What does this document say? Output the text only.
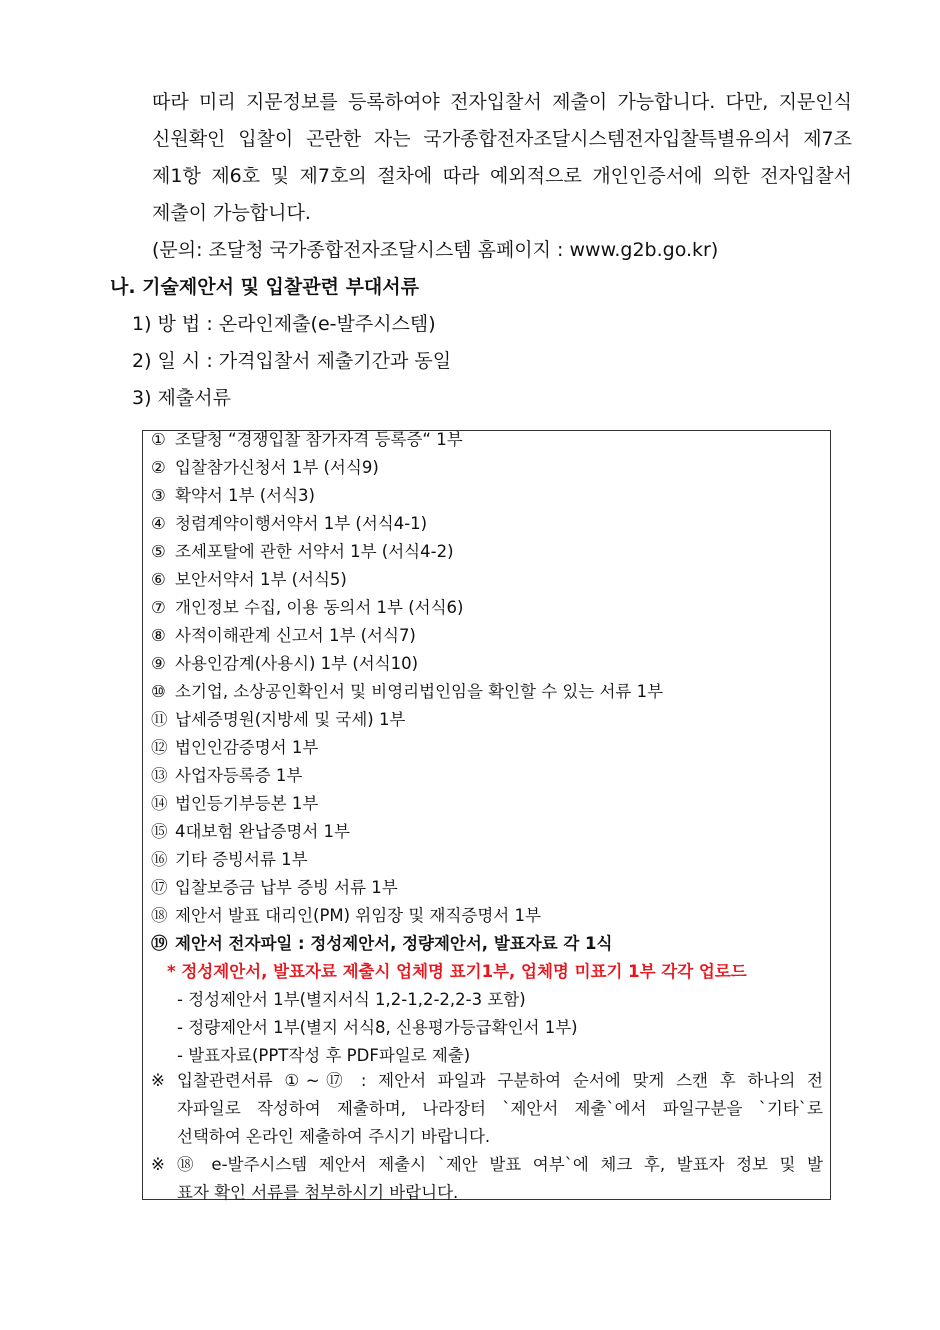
따라 미리 지문정보를 등록하여야 전자입찰서 제출이 가능합니다. 다만, 지문인식
신원확인 입찰이 곤란한 자는 국가종합전자조달시스템전자입찰특별유의서 제7조
제1항 제6호 및 제7호의 절차에 따라 예외적으로 개인인증서에 의한 전자입찰서
제출이 가능합니다.
(문의: 조달청 국가종합전자조달시스템 홈페이지 : www.g2b.go.kr)
나. 기술제안서 및 입찰관련 부대서류
1) 방 법 : 온라인제출(e-발주시스템)
2) 일 시 : 가격입찰서 제출기간과 동일
3) 제출서류
① 조달청 “경쟁입찰 참가자격 등록증“ 1부
② 입찰참가신청서 1부 (서식9)
③ 확약서 1부 (서식3)
④ 청렴계약이행서약서 1부 (서식4-1)
⑤ 조세포탈에 관한 서약서 1부 (서식4-2)
⑥ 보안서약서 1부 (서식5)
⑦ 개인정보 수집, 이용 동의서 1부 (서식6)
⑧ 사적이해관계 신고서 1부 (서식7)
⑨ 사용인감계(사용시) 1부 (서식10)
⑩ 소기업, 소상공인확인서 및 비영리법인임을 확인할 수 있는 서류 1부
⑪ 납세증명원(지방세 및 국세) 1부
⑫ 법인인감증명서 1부
⑬ 사업자등록증 1부
⑭ 법인등기부등본 1부
⑮ 4대보험 완납증명서 1부
⑯ 기타 증빙서류 1부
⑰ 입찰보증금 납부 증빙 서류 1부
⑱ 제안서 발표 대리인(PM) 위임장 및 재직증명서 1부
⑲ 제안서 전자파일 : 정성제안서, 정량제안서, 발표자료 각 1식
* 정성제안서, 발표자료 제출시 업체명 표기1부, 업체명 미표기 1부 각각 업로드
- 정성제안서 1부(별지서식 1,2-1,2-2,2-3 포함)
- 정량제안서 1부(별지 서식8, 신용평가등급확인서 1부)
- 발표자료(PPT작성 후 PDF파일로 제출)
※ 입찰관련서류 ①~⑰ : 제안서 파일과 구분하여 순서에 맞게 스캔 후 하나의 전
자파일로 작성하여 제출하며, 나라장터 `제안서 제출`에서 파일구분을 `기타`로
선택하여 온라인 제출하여 주시기 바랍니다.
※ ⑱ e-발주시스템 제안서 제출시 `제안 발표 여부`에 체크 후, 발표자 정보 및 발
표자 확인 서류를 첨부하시기 바랍니다.
